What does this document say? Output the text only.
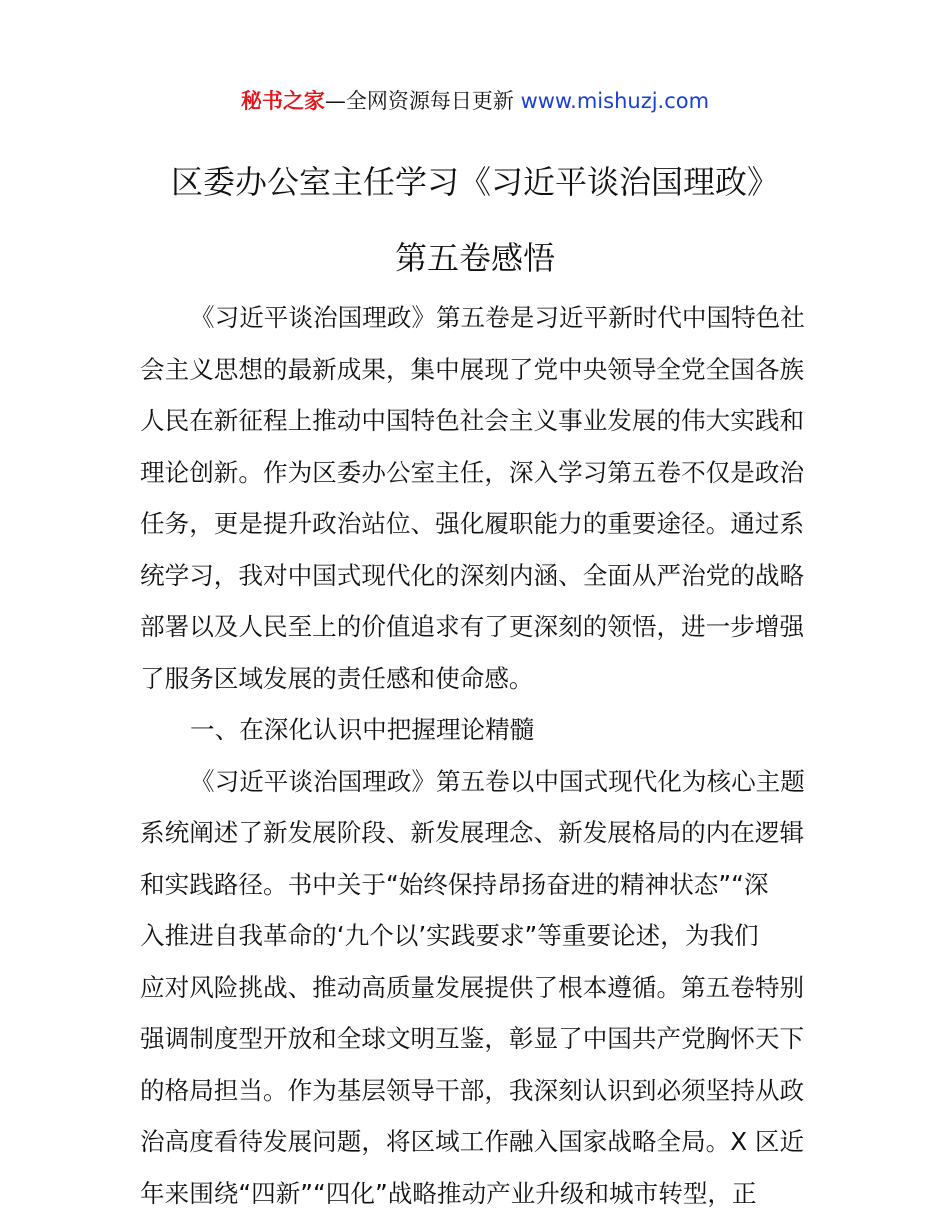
秘书之家—全网资源每日更新 www.mishuzj.com
区委办公室主任学习《习近平谈治国理政》
第五卷感悟
《习近平谈治国理政》第五卷是习近平新时代中国特色社
会主义思想的最新成果，集中展现了党中央领导全党全国各族
人民在新征程上推动中国特色社会主义事业发展的伟大实践和
理论创新。作为区委办公室主任，深入学习第五卷不仅是政治
任务，更是提升政治站位、强化履职能力的重要途径。通过系
统学习，我对中国式现代化的深刻内涵、全面从严治党的战略
部署以及人民至上的价值追求有了更深刻的领悟，进一步增强
了服务区域发展的责任感和使命感。
一、在深化认识中把握理论精髓
《习近平谈治国理政》第五卷以中国式现代化为核心主题
系统阐述了新发展阶段、新发展理念、新发展格局的内在逻辑
和实践路径。书中关于“始终保持昂扬奋进的精神状态”“深
入推进自我革命的‘九个以’实践要求”等重要论述，为我们
应对风险挑战、推动高质量发展提供了根本遵循。第五卷特别
强调制度型开放和全球文明互鉴，彰显了中国共产党胸怀天下
的格局担当。作为基层领导干部，我深刻认识到必须坚持从政
治高度看待发展问题，将区域工作融入国家战略全局。X 区近
年来围绕“四新”“四化”战略推动产业升级和城市转型，正
